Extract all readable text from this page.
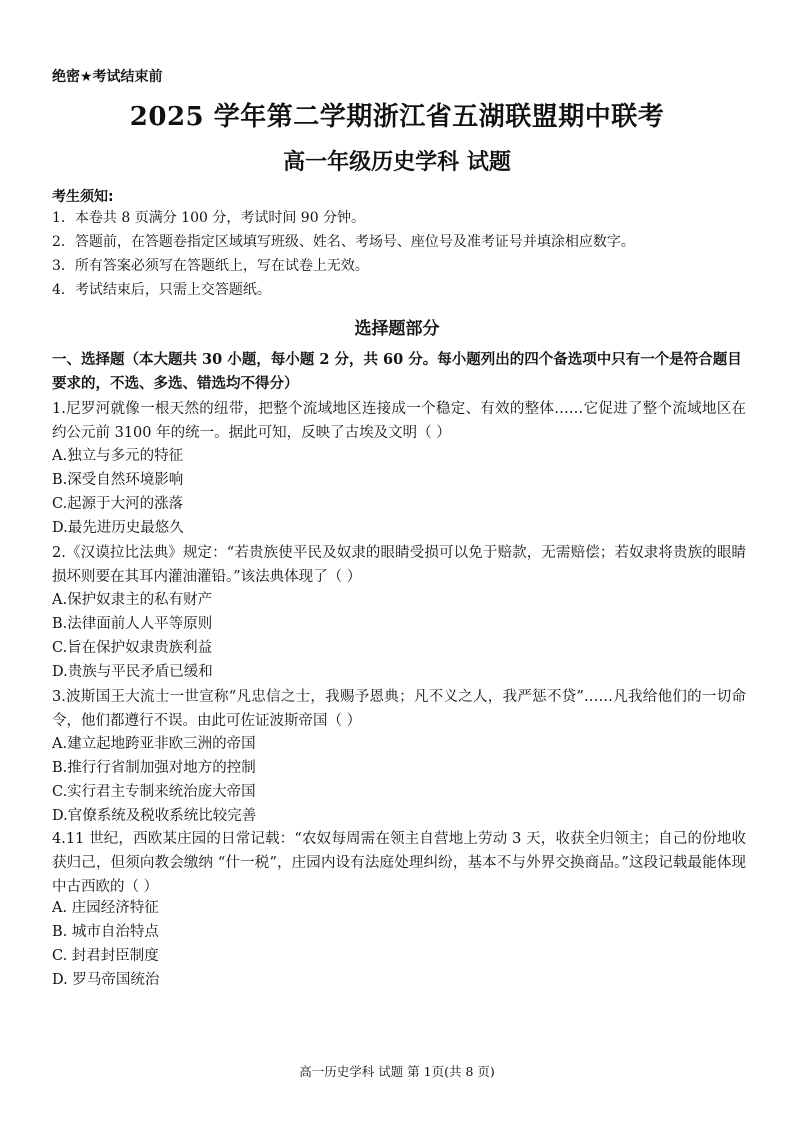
绝密★考试结束前
2025 学年第二学期浙江省五湖联盟期中联考
高一年级历史学科 试题
考生须知:
1．本卷共 8 页满分 100 分，考试时间 90 分钟。
2．答题前，在答题卷指定区域填写班级、姓名、考场号、座位号及准考证号并填涂相应数字。
3．所有答案必须写在答题纸上，写在试卷上无效。
4．考试结束后，只需上交答题纸。
选择题部分
一、选择题（本大题共 30 小题，每小题 2 分，共 60 分。每小题列出的四个备选项中只有一个是符合题目要求的，不选、多选、错选均不得分）
1.尼罗河就像一根天然的纽带，把整个流域地区连接成一个稳定、有效的整体……它促进了整个流域地区在约公元前 3100 年的统一。据此可知，反映了古埃及文明（ ）
A.独立与多元的特征
B.深受自然环境影响
C.起源于大河的涨落
D.最先进历史最悠久
2.《汉谟拉比法典》规定：“若贵族使平民及奴隶的眼睛受损可以免于赔款，无需赔偿；若奴隶将贵族的眼睛损坏则要在其耳内灌油灌铅。”该法典体现了（ ）
A.保护奴隶主的私有财产
B.法律面前人人平等原则
C.旨在保护奴隶贵族利益
D.贵族与平民矛盾已缓和
3.波斯国王大流士一世宣称“凡忠信之士，我赐予恩典；凡不义之人，我严惩不贷”……凡我给他们的一切命令，他们都遵行不误。由此可佐证波斯帝国（ ）
A.建立起地跨亚非欧三洲的帝国
B.推行行省制加强对地方的控制
C.实行君主专制来统治庞大帝国
D.官僚系统及税收系统比较完善
4.11 世纪，西欧某庄园的日常记载：“农奴每周需在领主自营地上劳动 3 天，收获全归领主；自己的份地收获归己，但须向教会缴纳 “什一税”，庄园内设有法庭处理纠纷，基本不与外界交换商品。”这段记载最能体现中古西欧的（ ）
A. 庄园经济特征
B. 城市自治特点
C. 封君封臣制度
D. 罗马帝国统治
高一历史学科 试题 第 1页(共 8 页)
